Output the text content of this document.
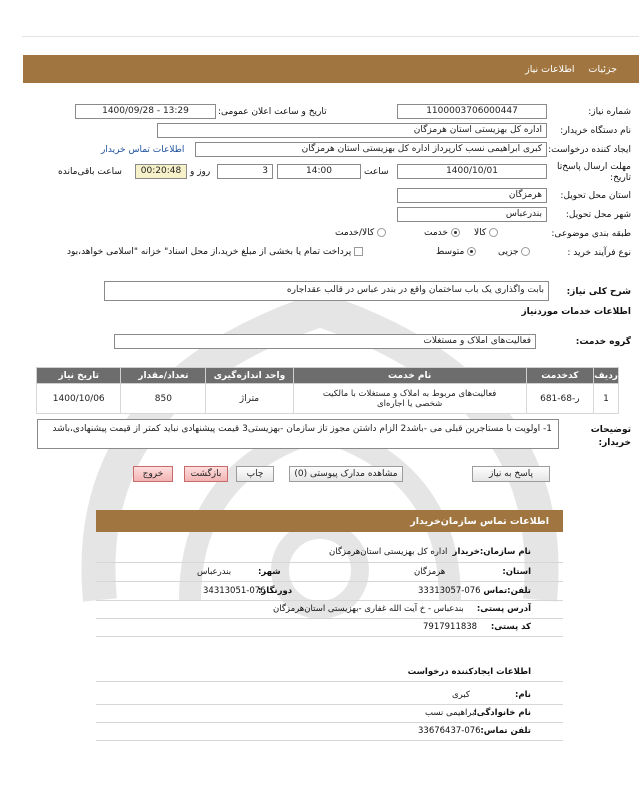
جزئیات
اطلاعات نیاز
شماره نیاز:
1100003706000447
تاریخ و ساعت اعلان عمومی:
1400/09/28 - 13:29
نام دستگاه خریدار:
اداره کل بهزیستی استان هرمزگان
ایجاد کننده درخواست:
کبری ابراهیمی نسب کارپرداز اداره کل بهزیستی استان هرمزگان
اطلاعات تماس خریدار
مهلت ارسال پاسخ‌تا
تاریخ:
1400/10/01
ساعت
14:00
3
روز و
00:20:48
ساعت باقی‌مانده
استان محل تحویل:
هرمزگان
شهر محل تحویل:
بندرعباس
طبقه بندی موضوعی:
کالا
خدمت
کالا/خدمت
نوع فرآیند خرید :
جزیی
متوسط
پرداخت تمام یا بخشی از مبلغ خرید،از محل اسناد" خزانه "اسلامی خواهد،بود
شرح کلی نیاز:
بابت واگذاری یک باب ساختمان واقع در بندر عباس در قالب عقداجاره
اطلاعات خدمات موردنیاز
گروه خدمت:
فعالیت‌های املاک و مستغلات
ردیف	کدخدمت	نام خدمت	واحد اندازه‌گیری	تعداد/مقدار	تاریخ نیاز
1	ر-68-681	فعالیت‌های مربوط به املاک و مستغلات با مالکیت شخصی یا اجاره‌ای	متراژ	850	1400/10/06
توضیحات خریدار:
1- اولویت با مستاجرین قبلی می -باشد2 الزام داشتن مجوز تاز سازمان -بهزیستی3 قیمت پیشنهادی نباید کمتر از قیمت پیشنهادی،باشد
پاسخ به نیاز
مشاهده مدارک پیوستی (0)
چاپ
بازگشت
خروج
اطلاعات تماس سازمان‌خریدار
نام سازمان:خریدار
اداره کل بهزیستی استان‌هرمزگان
استان:
هرمزگان
شهر:
بندرعباس
تلفن:تماس
33313057-076
دورنگار:
34313051-076
آدرس پستی:
بندعباس - خ آیت الله غفاری -بهزیستی استان‌هرمزگان
کد پستی:
7917911838
اطلاعات ایجادکننده درخواست
نام:
کبری
نام خانوادگی:
ابراهیمی نسب
تلفن تماس:
33676437-076
